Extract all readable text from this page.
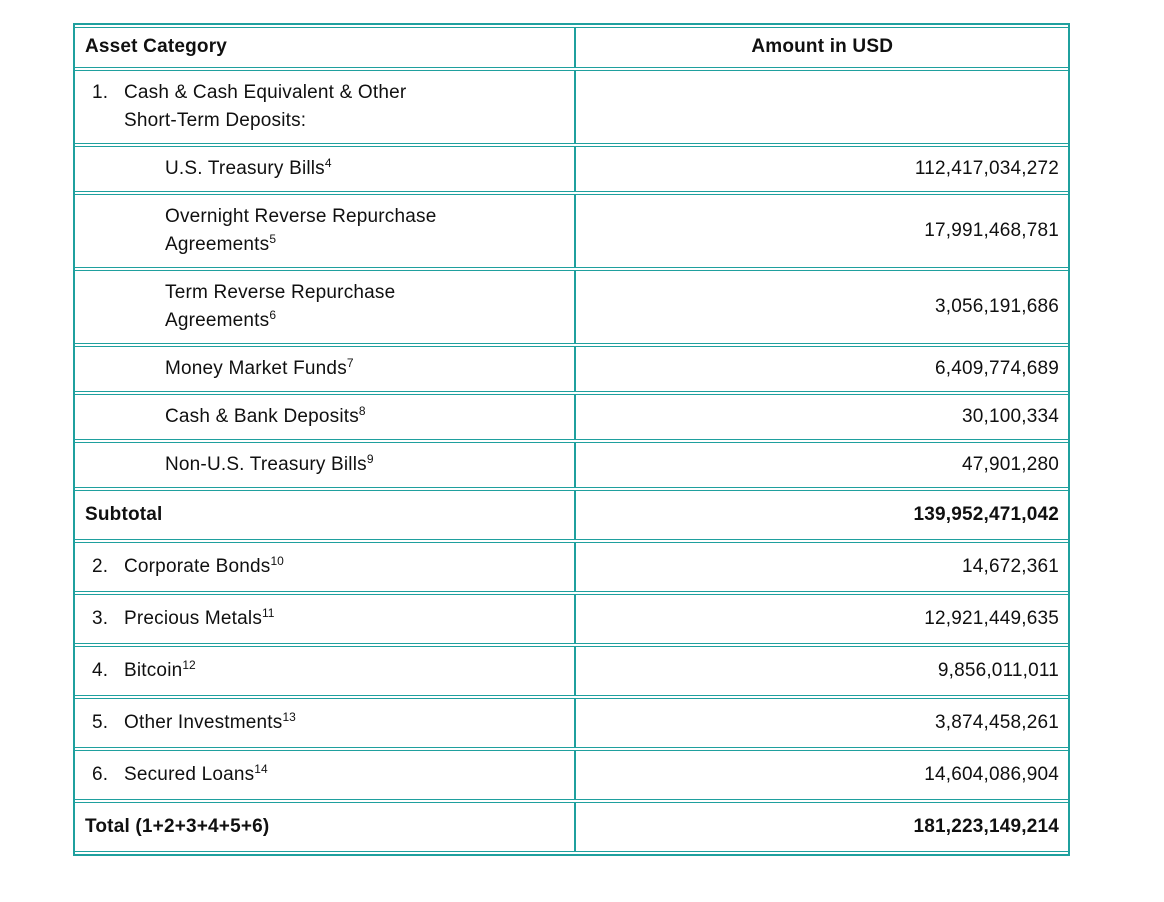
Asset Category	Amount in USD

1. Cash & Cash Equivalent & Other
Short-Term Deposits:	

U.S. Treasury Bills$^4$	112,417,034,272
Overnight Reverse Repurchase
Agreements$^5$	17,991,468,781
Term Reverse Repurchase
Agreements$^6$	3,056,191,686
Money Market Funds$^7$	6,409,774,689
Cash & Bank Deposits$^8$	30,100,334
Non-U.S. Treasury Bills$^9$	47,901,280
Subtotal	139,952,471,042

2. Corporate Bonds$^{10}$	14,672,361

3. Precious Metals$^{11}$	12,921,449,635

4. Bitcoin$^{12}$	9,856,011,011

5. Other Investments$^{13}$	3,874,458,261

6. Secured Loans$^{14}$	14,604,086,904
Total (1+2+3+4+5+6)	181,223,149,214
